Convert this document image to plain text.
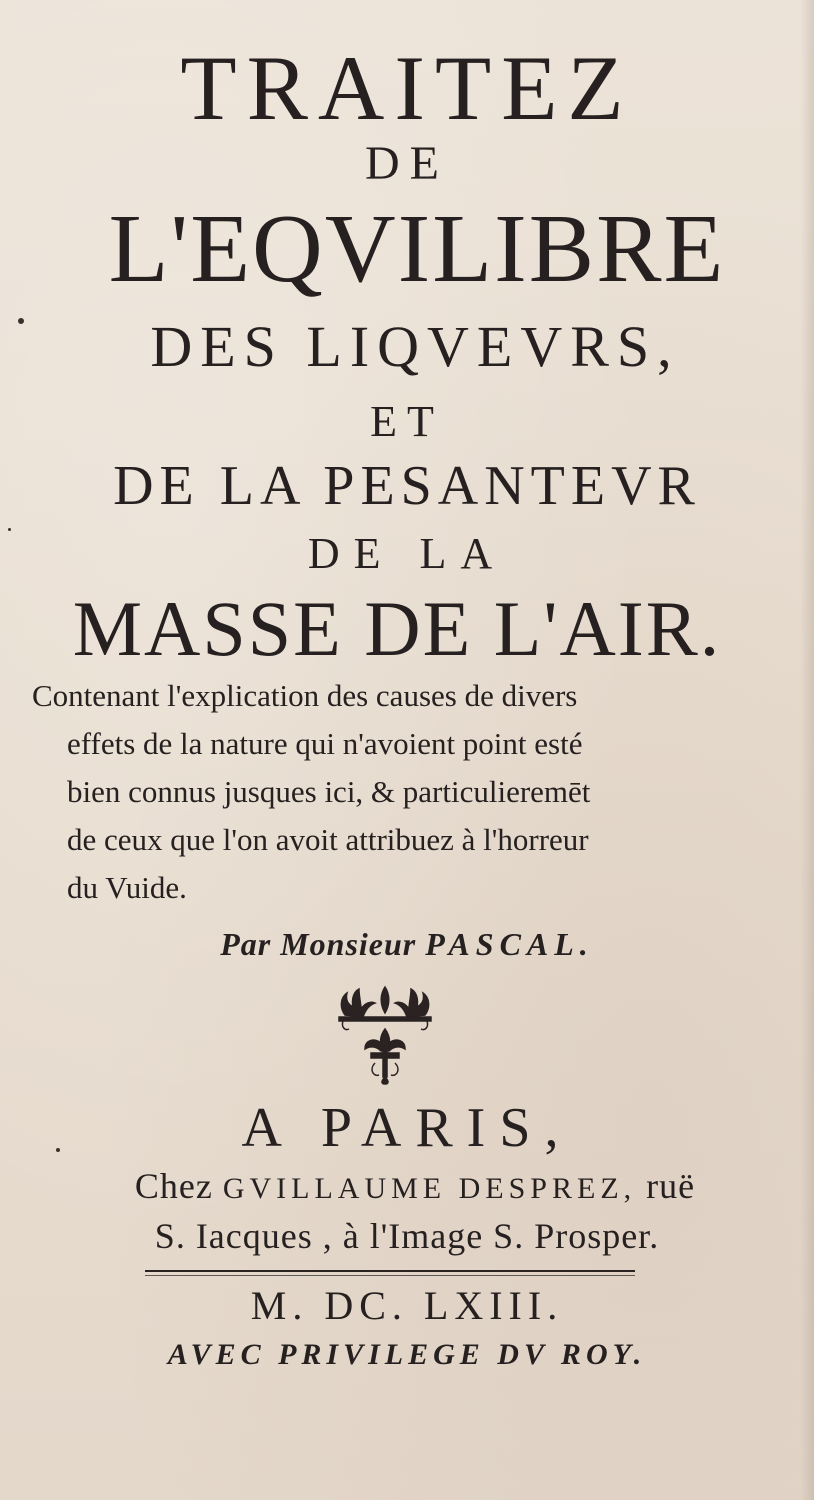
TRAITEZ
DE
L'EQVILIBRE
DES LIQVEVRS,
ET
DE LA PESANTEVR
DE LA
MASSE DE L'AIR.
Contenant l'explication des causes de divers
effets de la nature qui n'avoient point esté
bien connus jusques ici, & particulieremēt
de ceux que l'on avoit attribuez à l'horreur
du Vuide.
Par Monsieur PASCAL.
A PARIS,
Chez GVILLAUME DESPREZ, ruë
S. Iacques , à l'Image S. Prosper.
M. DC. LXIII.
AVEC PRIVILEGE DV ROY.
